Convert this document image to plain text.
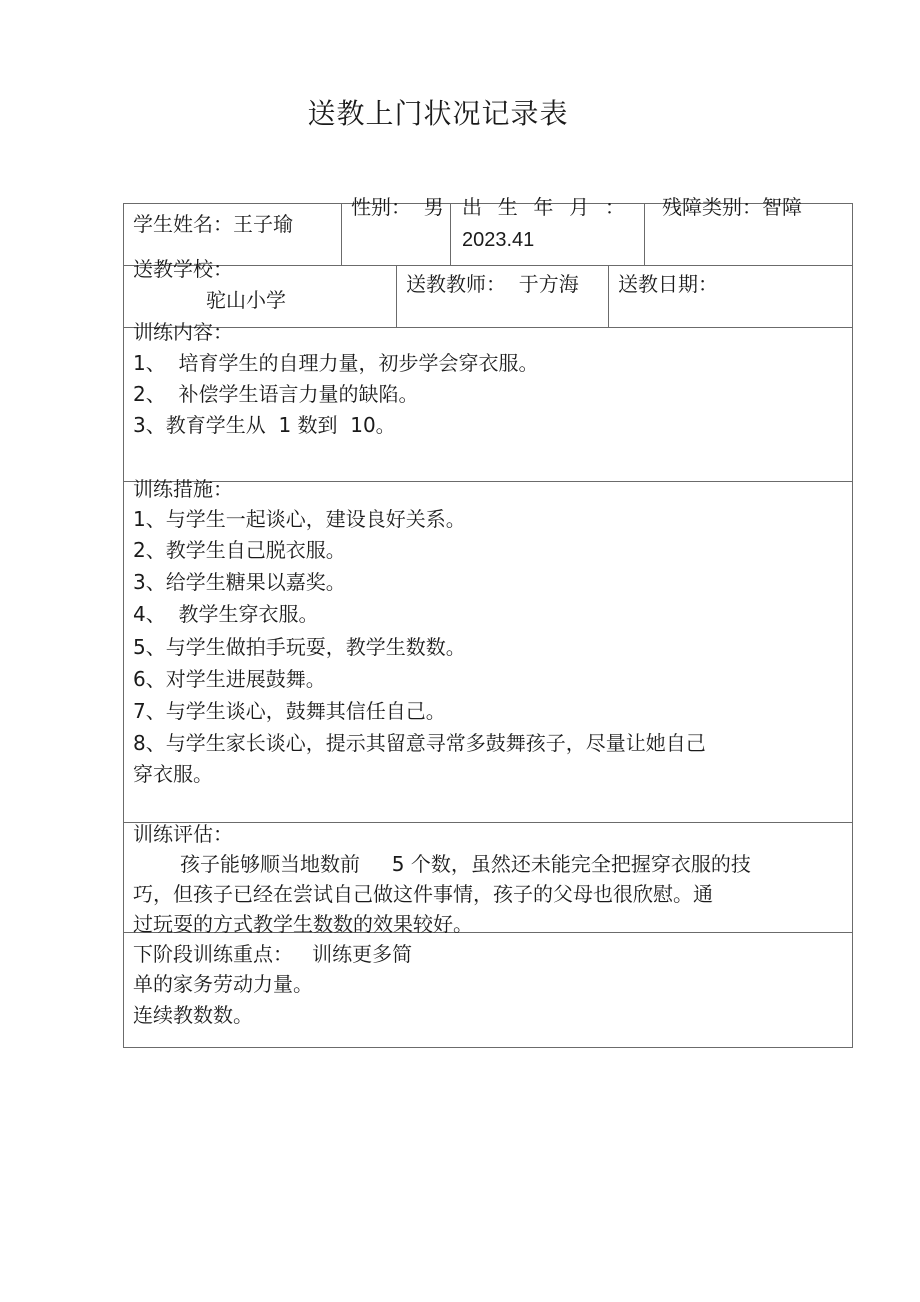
送教上门状况记录表
学生姓名：王子瑜
性别：  男 出  生  年  月  ：
2023.41
残障类别：智障
送教学校：
驼山小学
送教教师：  于方海 送教日期：
训练内容：
1、  培育学生的自理力量，初步学会穿衣服。
2、  补偿学生语言力量的缺陷。
3、教育学生从  1 数到  10。
训练措施：
1、与学生一起谈心，建设良好关系。
2、教学生自己脱衣服。
3、给学生糖果以嘉奖。
4、  教学生穿衣服。
5、与学生做拍手玩耍，教学生数数。
6、对学生进展鼓舞。
7、与学生谈心，鼓舞其信任自己。
8、与学生家长谈心，提示其留意寻常多鼓舞孩子，尽量让她自己
穿衣服。
训练评估：
孩子能够顺当地数前     5 个数，虽然还未能完全把握穿衣服的技
巧，但孩子已经在尝试自己做这件事情，孩子的父母也很欣慰。通
过玩耍的方式教学生数数的效果较好。
下阶段训练重点：   训练更多简
单的家务劳动力量。
连续教数数。
